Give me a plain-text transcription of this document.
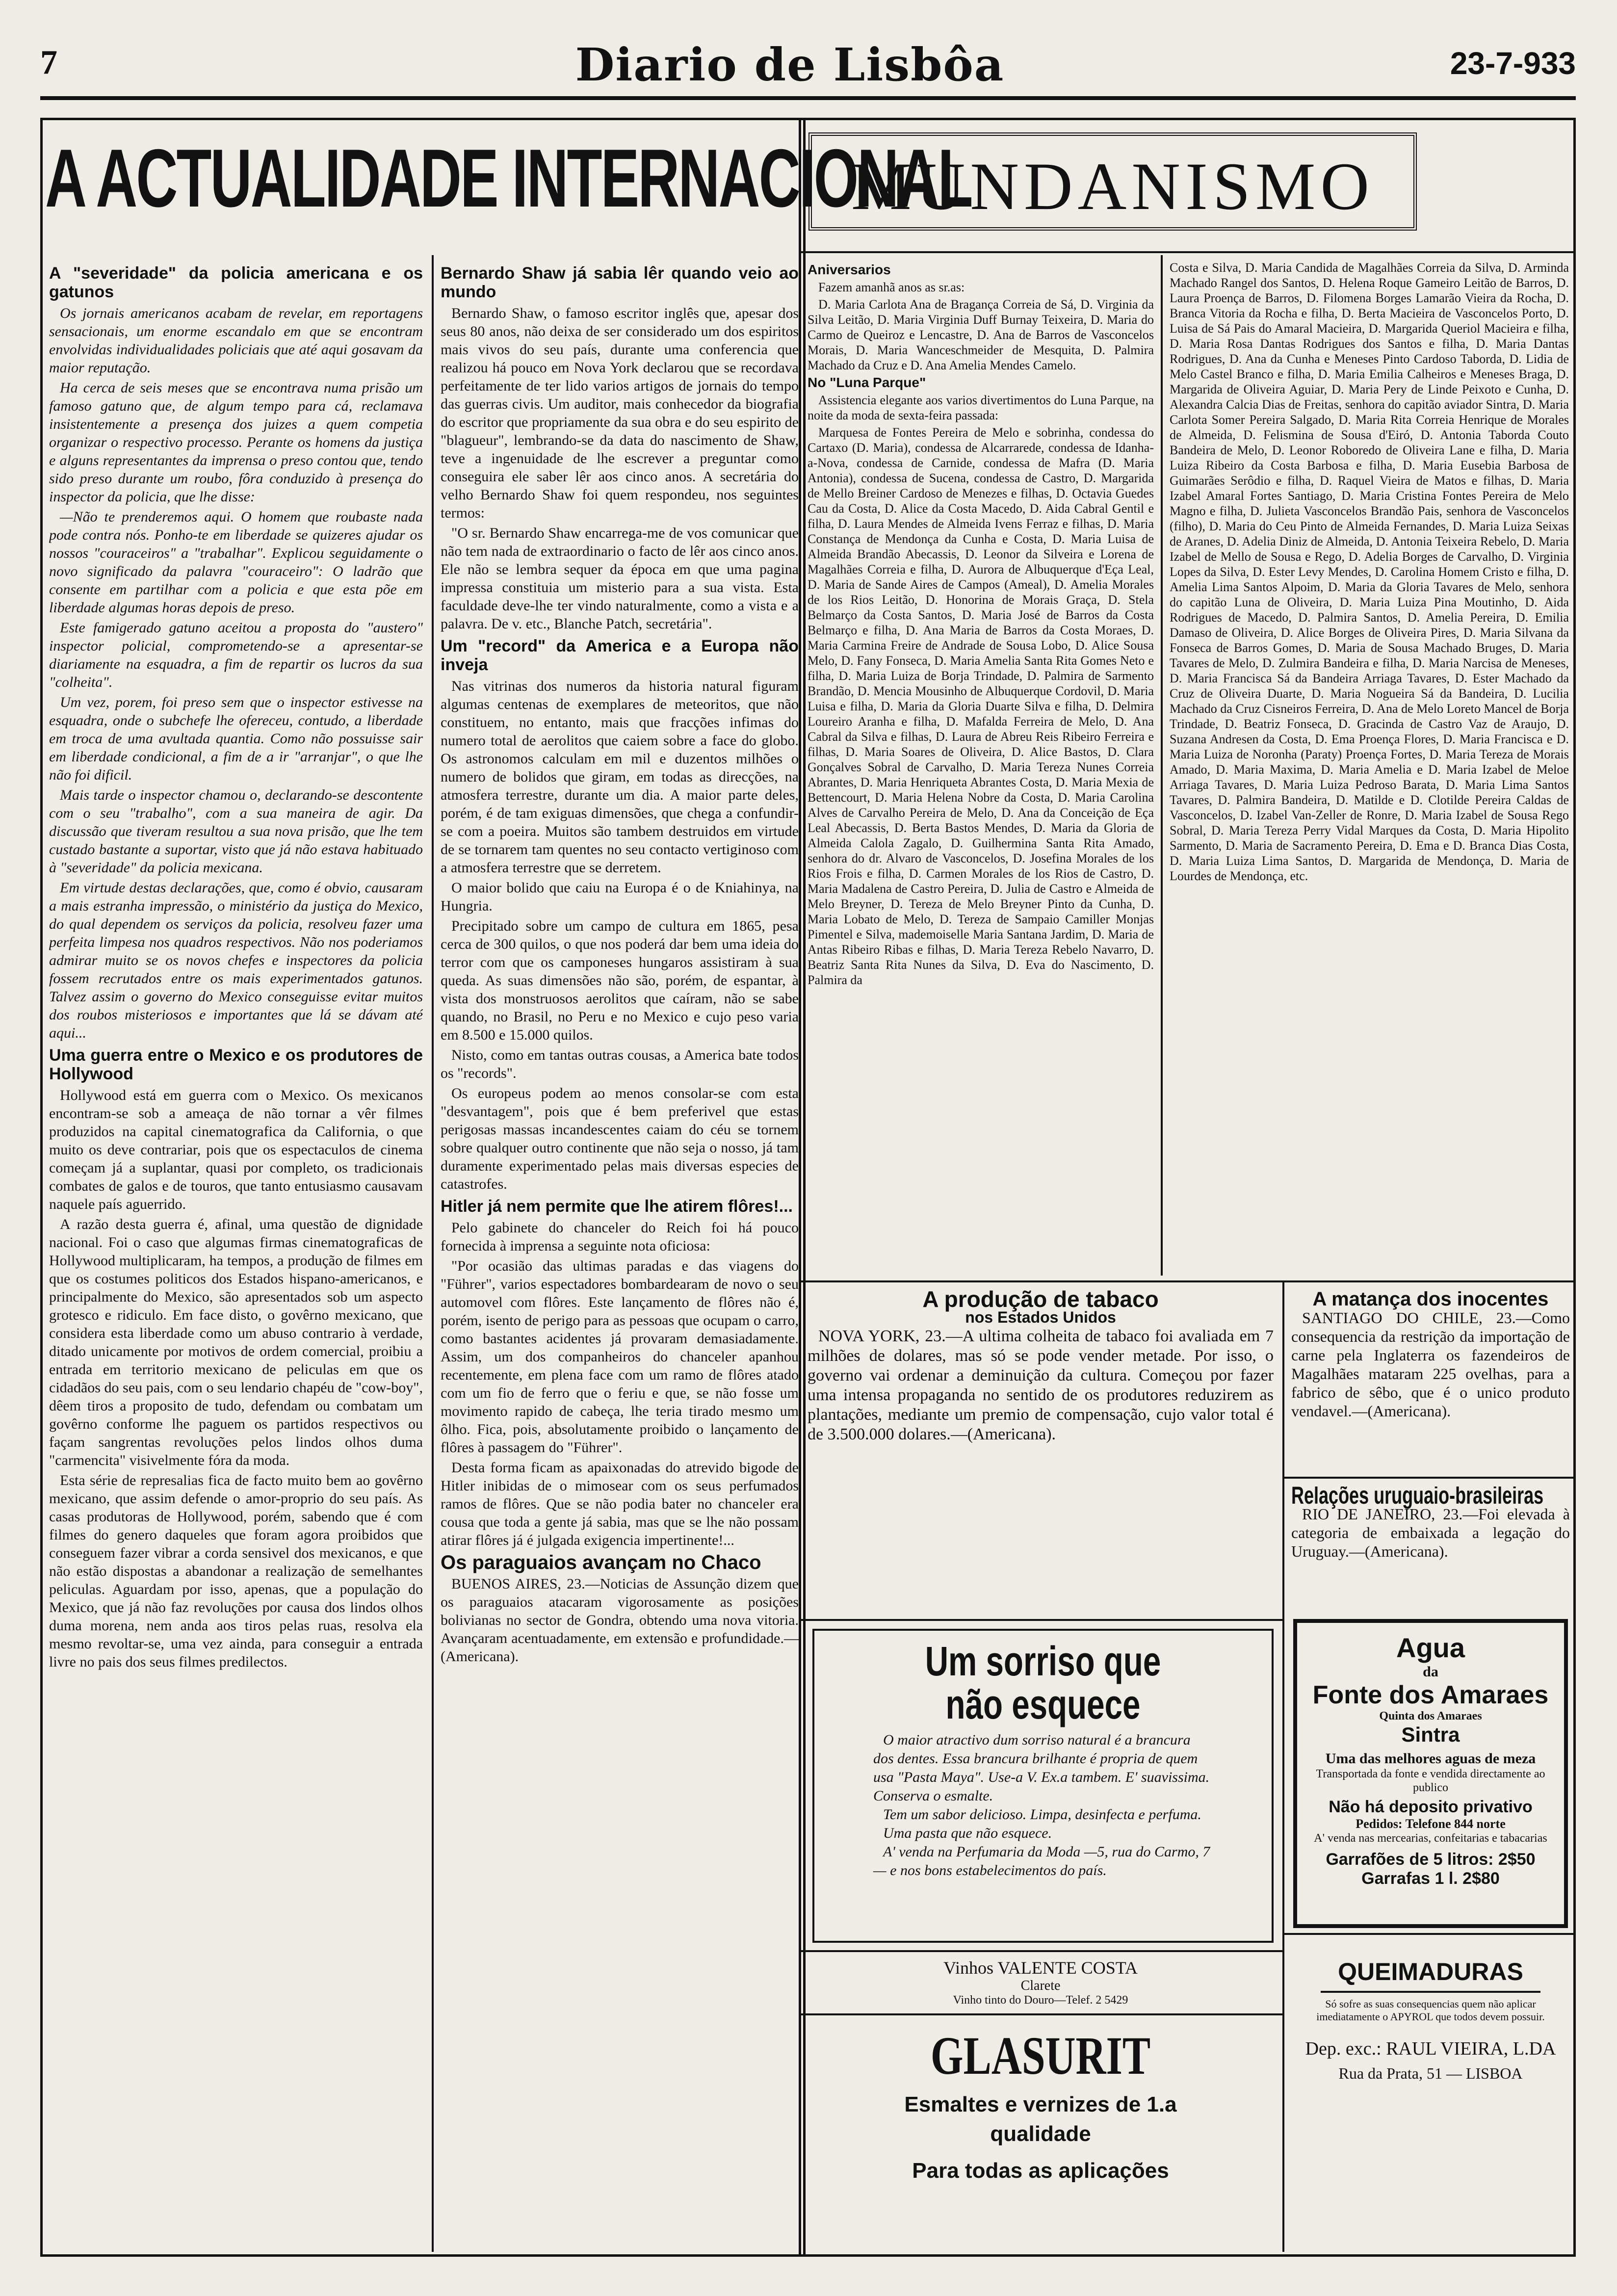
7	Diario de Lisbôa	23-7-933
A ACTUALIDADE INTERNACIONAL
MUNDANISMO
A "severidade" da policia americana e os gatunos

Os jornais americanos acabam de revelar, em reportagens sensacionais, um enorme escandalo em que se encontram envolvidas individualidades policiais que até aqui gosavam da maior reputação.

Ha cerca de seis meses que se encontrava numa prisão um famoso gatuno que, de algum tempo para cá, reclamava insistentemente a presença dos juizes a quem competia organizar o respectivo processo. Perante os homens da justiça e alguns representantes da imprensa o preso contou que, tendo sido preso durante um roubo, fôra conduzido à presença do inspector da policia, que lhe disse:

—Não te prenderemos aqui. O homem que roubaste nada pode contra nós. Ponho-te em liberdade se quizeres ajudar os nossos "couraceiros" a "trabalhar". Explicou seguidamente o novo significado da palavra "couraceiro": O ladrão que consente em partilhar com a policia e que esta põe em liberdade algumas horas depois de preso.

Este famigerado gatuno aceitou a proposta do "austero" inspector policial, comprometendo-se a apresentar-se diariamente na esquadra, a fim de repartir os lucros da sua "colheita".

Um vez, porem, foi preso sem que o inspector estivesse na esquadra, onde o subchefe lhe ofereceu, contudo, a liberdade em troca de uma avultada quantia. Como não possuisse sair em liberdade condicional, a fim de a ir "arranjar", o que lhe não foi dificil.

Mais tarde o inspector chamou o, declarando-se descontente com o seu "trabalho", com a sua maneira de agir. Da discussão que tiveram resultou a sua nova prisão, que lhe tem custado bastante a suportar, visto que já não estava habituado à "severidade" da policia mexicana.

Em virtude destas declarações, que, como é obvio, causaram a mais estranha impressão, o ministério da justiça do Mexico, do qual dependem os serviços da policia, resolveu fazer uma perfeita limpesa nos quadros respectivos. Não nos poderiamos admirar muito se os novos chefes e inspectores da policia fossem recrutados entre os mais experimentados gatunos. Talvez assim o governo do Mexico conseguisse evitar muitos dos roubos misteriosos e importantes que lá se dávam até aqui...

Uma guerra entre o Mexico e os produtores de Hollywood

Hollywood está em guerra com o Mexico. Os mexicanos encontram-se sob a ameaça de não tornar a vêr filmes produzidos na capital cinematografica da California, o que muito os deve contrariar, pois que os espectaculos de cinema começam já a suplantar, quasi por completo, os tradicionais combates de galos e de touros, que tanto entusiasmo causavam naquele país aguerrido.

A razão desta guerra é, afinal, uma questão de dignidade nacional. Foi o caso que algumas firmas cinematograficas de Hollywood multiplicaram, ha tempos, a produção de filmes em que os costumes politicos dos Estados hispano-americanos, e principalmente do Mexico, são apresentados sob um aspecto grotesco e ridiculo. Em face disto, o govêrno mexicano, que considera esta liberdade como um abuso contrario à verdade, ditado unicamente por motivos de ordem comercial, proibiu a entrada em territorio mexicano de peliculas em que os cidadãos do seu pais, com o seu lendario chapéu de "cow-boy", dêem tiros a proposito de tudo, defendam ou combatam um govêrno conforme lhe paguem os partidos respectivos ou façam sangrentas revoluções pelos lindos olhos duma "carmencita" visivelmente fóra da moda.

Esta série de represalias fica de facto muito bem ao govêrno mexicano, que assim defende o amor-proprio do seu país. As casas produtoras de Hollywood, porém, sabendo que é com filmes do genero daqueles que foram agora proibidos que conseguem fazer vibrar a corda sensivel dos mexicanos, e que não estão dispostas a abandonar a realização de semelhantes peliculas. Aguardam por isso, apenas, que a população do Mexico, que já não faz revoluções por causa dos lindos olhos duma morena, nem anda aos tiros pelas ruas, resolva ela mesmo revoltar-se, uma vez ainda, para conseguir a entrada livre no pais dos seus filmes predilectos.

Bernardo Shaw já sabia lêr quando veio ao mundo

Bernardo Shaw, o famoso escritor inglês que, apesar dos seus 80 anos, não deixa de ser considerado um dos espiritos mais vivos do seu país, durante uma conferencia que realizou há pouco em Nova York declarou que se recordava perfeitamente de ter lido varios artigos de jornais do tempo das guerras civis. Um auditor, mais conhecedor da biografia do escritor que propriamente da sua obra e do seu espirito de "blagueur", lembrando-se da data do nascimento de Shaw, teve a ingenuidade de lhe escrever a preguntar como conseguira ele saber lêr aos cinco anos. A secretária do velho Bernardo Shaw foi quem respondeu, nos seguintes termos:

"O sr. Bernardo Shaw encarrega-me de vos comunicar que não tem nada de extraordinario o facto de lêr aos cinco anos. Ele não se lembra sequer da época em que uma pagina impressa constituia um misterio para a sua vista. Esta faculdade deve-lhe ter vindo naturalmente, como a vista e a palavra. De v. etc., Blanche Patch, secretária".

Um "record" da America e a Europa não inveja

Nas vitrinas dos numeros da historia natural figuram algumas centenas de exemplares de meteoritos, que não constituem, no entanto, mais que fracções infimas do numero total de aerolitos que caiem sobre a face do globo. Os astronomos calculam em mil e duzentos milhões o numero de bolidos que giram, em todas as direcções, na atmosfera terrestre, durante um dia. A maior parte deles, porém, é de tam exiguas dimensões, que chega a confundir-se com a poeira. Muitos são tambem destruidos em virtude de se tornarem tam quentes no seu contacto vertiginoso com a atmosfera terrestre que se derretem.

O maior bolido que caiu na Europa é o de Kniahinya, na Hungria.

Precipitado sobre um campo de cultura em 1865, pesa cerca de 300 quilos, o que nos poderá dar bem uma ideia do terror com que os camponeses hungaros assistiram à sua queda. As suas dimensões não são, porém, de espantar, à vista dos monstruosos aerolitos que caíram, não se sabe quando, no Brasil, no Peru e no Mexico e cujo peso varia em 8.500 e 15.000 quilos.

Nisto, como em tantas outras cousas, a America bate todos os "records".

Os europeus podem ao menos consolar-se com esta "desvantagem", pois que é bem preferivel que estas perigosas massas incandescentes caiam do céu se tornem sobre qualquer outro continente que não seja o nosso, já tam duramente experimentado pelas mais diversas especies de catastrofes.

Hitler já nem permite que lhe atirem flôres!...

Pelo gabinete do chanceler do Reich foi há pouco fornecida à imprensa a seguinte nota oficiosa:

"Por ocasião das ultimas paradas e das viagens do "Führer", varios espectadores bombardearam de novo o seu automovel com flôres. Este lançamento de flôres não é, porém, isento de perigo para as pessoas que ocupam o carro, como bastantes acidentes já provaram demasiadamente. Assim, um dos companheiros do chanceler apanhou recentemente, em plena face com um ramo de flôres atado com um fio de ferro que o feriu e que, se não fosse um movimento rapido de cabeça, lhe teria tirado mesmo um ôlho. Fica, pois, absolutamente proibido o lançamento de flôres à passagem do "Führer".

Desta forma ficam as apaixonadas do atrevido bigode de Hitler inibidas de o mimosear com os seus perfumados ramos de flôres. Que se não podia bater no chanceler era cousa que toda a gente já sabia, mas que se lhe não possam atirar flôres já é julgada exigencia impertinente!...

Os paraguaios avançam no Chaco

BUENOS AIRES, 23.—Noticias de Assunção dizem que os paraguaios atacaram vigorosamente as posições bolivianas no sector de Gondra, obtendo uma nova vitoria. Avançaram acentuadamente, em extensão e profundidade.—(Americana).

Aniversarios

Fazem amanhã anos as sr.as:

D. Maria Carlota Ana de Bragança Correia de Sá, D. Virginia da Silva Leitão, D. Maria Virginia Duff Burnay Teixeira, D. Maria do Carmo de Queiroz e Lencastre, D. Ana de Barros de Vasconcelos Morais, D. Maria Wanceschmeider de Mesquita, D. Palmira Machado da Cruz e D. Ana Amelia Mendes Camelo.

No "Luna Parque"

Assistencia elegante aos varios divertimentos do Luna Parque, na noite da moda de sexta-feira passada:

Marquesa de Fontes Pereira de Melo e sobrinha, condessa do Cartaxo (D. Maria), condessa de Alcarrarede, condessa de Idanha-a-Nova, condessa de Carnide, condessa de Mafra (D. Maria Antonia), condessa de Sucena, condessa de Castro, D. Margarida de Mello Breiner Cardoso de Menezes e filhas, D. Octavia Guedes Cau da Costa, D. Alice da Costa Macedo, D. Aida Cabral Gentil e filha, D. Laura Mendes de Almeida Ivens Ferraz e filhas, D. Maria Constança de Mendonça da Cunha e Costa, D. Maria Luisa de Almeida Brandão Abecassis, D. Leonor da Silveira e Lorena de Magalhães Correia e filha, D. Aurora de Albuquerque d'Eça Leal, D. Maria de Sande Aires de Campos (Ameal), D. Amelia Morales de los Rios Leitão, D. Honorina de Morais Graça, D. Stela Belmarço da Costa Santos, D. Maria José de Barros da Costa Belmarço e filha, D. Ana Maria de Barros da Costa Moraes, D. Maria Carmina Freire de Andrade de Sousa Lobo, D. Alice Sousa Melo, D. Fany Fonseca, D. Maria Amelia Santa Rita Gomes Neto e filha, D. Maria Luiza de Borja Trindade, D. Palmira de Sarmento Brandão, D. Mencia Mousinho de Albuquerque Cordovil, D. Maria Luisa e filha, D. Maria da Gloria Duarte Silva e filha, D. Delmira Loureiro Aranha e filha, D. Mafalda Ferreira de Melo, D. Ana Cabral da Silva e filhas, D. Laura de Abreu Reis Ribeiro Ferreira e filhas, D. Maria Soares de Oliveira, D. Alice Bastos, D. Clara Gonçalves Sobral de Carvalho, D. Maria Tereza Nunes Correia Abrantes, D. Maria Henriqueta Abrantes Costa, D. Maria Mexia de Bettencourt, D. Maria Helena Nobre da Costa, D. Maria Carolina Alves de Carvalho Pereira de Melo, D. Ana da Conceição de Eça Leal Abecassis, D. Berta Bastos Mendes, D. Maria da Gloria de Almeida Calola Zagalo, D. Guilhermina Santa Rita Amado, senhora do dr. Alvaro de Vasconcelos, D. Josefina Morales de los Rios Frois e filha, D. Carmen Morales de los Rios de Castro, D. Maria Madalena de Castro Pereira, D. Julia de Castro e Almeida de Melo Breyner, D. Tereza de Melo Breyner Pinto da Cunha, D. Maria Lobato de Melo, D. Tereza de Sampaio Camiller Monjas Pimentel e Silva, mademoiselle Maria Santana Jardim, D. Maria de Antas Ribeiro Ribas e filhas, D. Maria Tereza Rebelo Navarro, D. Beatriz Santa Rita Nunes da Silva, D. Eva do Nascimento, D. Palmira da

Costa e Silva, D. Maria Candida de Magalhães Correia da Silva, D. Arminda Machado Rangel dos Santos, D. Helena Roque Gameiro Leitão de Barros, D. Laura Proença de Barros, D. Filomena Borges Lamarão Vieira da Rocha, D. Branca Vitoria da Rocha e filha, D. Berta Macieira de Vasconcelos Porto, D. Luisa de Sá Pais do Amaral Macieira, D. Margarida Queriol Macieira e filha, D. Maria Rosa Dantas Rodrigues dos Santos e filha, D. Maria Dantas Rodrigues, D. Ana da Cunha e Meneses Pinto Cardoso Taborda, D. Lidia de Melo Castel Branco e filha, D. Maria Emilia Calheiros e Meneses Braga, D. Margarida de Oliveira Aguiar, D. Maria Pery de Linde Peixoto e Cunha, D. Alexandra Calcia Dias de Freitas, senhora do capitão aviador Sintra, D. Maria Carlota Somer Pereira Salgado, D. Maria Rita Correia Henrique de Morales de Almeida, D. Felismina de Sousa d'Eiró, D. Antonia Taborda Couto Bandeira de Melo, D. Leonor Roboredo de Oliveira Lane e filha, D. Maria Luiza Ribeiro da Costa Barbosa e filha, D. Maria Eusebia Barbosa de Guimarães Serôdio e filha, D. Raquel Vieira de Matos e filhas, D. Maria Izabel Amaral Fortes Santiago, D. Maria Cristina Fontes Pereira de Melo Magno e filha, D. Julieta Vasconcelos Brandão Pais, senhora de Vasconcelos (filho), D. Maria do Ceu Pinto de Almeida Fernandes, D. Maria Luiza Seixas de Aranes, D. Adelia Diniz de Almeida, D. Antonia Teixeira Rebelo, D. Maria Izabel de Mello de Sousa e Rego, D. Adelia Borges de Carvalho, D. Virginia Lopes da Silva, D. Ester Levy Mendes, D. Carolina Homem Cristo e filha, D. Amelia Lima Santos Alpoim, D. Maria da Gloria Tavares de Melo, senhora do capitão Luna de Oliveira, D. Maria Luiza Pina Moutinho, D. Aida Rodrigues de Macedo, D. Palmira Santos, D. Amelia Pereira, D. Emilia Damaso de Oliveira, D. Alice Borges de Oliveira Pires, D. Maria Silvana da Fonseca de Barros Gomes, D. Maria de Sousa Machado Bruges, D. Maria Tavares de Melo, D. Zulmira Bandeira e filha, D. Maria Narcisa de Meneses, D. Maria Francisca Sá da Bandeira Arriaga Tavares, D. Ester Machado da Cruz de Oliveira Duarte, D. Maria Nogueira Sá da Bandeira, D. Lucilia Machado da Cruz Cisneiros Ferreira, D. Ana de Melo Loreto Mancel de Borja Trindade, D. Beatriz Fonseca, D. Gracinda de Castro Vaz de Araujo, D. Suzana Andresen da Costa, D. Ema Proença Flores, D. Maria Francisca e D. Maria Luiza de Noronha (Paraty) Proença Fortes, D. Maria Tereza de Morais Amado, D. Maria Maxima, D. Maria Amelia e D. Maria Izabel de Meloe Arriaga Tavares, D. Maria Luiza Pedroso Barata, D. Maria Lima Santos Tavares, D. Palmira Bandeira, D. Matilde e D. Clotilde Pereira Caldas de Vasconcelos, D. Izabel Van-Zeller de Ronre, D. Maria Izabel de Sousa Rego Sobral, D. Maria Tereza Perry Vidal Marques da Costa, D. Maria Hipolito Sarmento, D. Maria de Sacramento Pereira, D. Ema e D. Branca Dias Costa, D. Maria Luiza Lima Santos, D. Margarida de Mendonça, D. Maria de Lourdes de Mendonça, etc.

A produção de tabaco
nos Estados Unidos

NOVA YORK, 23.—A ultima colheita de tabaco foi avaliada em 7 milhões de dolares, mas só se pode vender metade. Por isso, o governo vai ordenar a deminuição da cultura. Começou por fazer uma intensa propaganda no sentido de os produtores reduzirem as plantações, mediante um premio de compensação, cujo valor total é de 3.500.000 dolares.—(Americana).

A matança dos inocentes

SANTIAGO DO CHILE, 23.—Como consequencia da restrição da importação de carne pela Inglaterra os fazendeiros de Magalhães mataram 225 ovelhas, para a fabrico de sêbo, que é o unico produto vendavel.—(Americana).

Relações uruguaio-brasileiras

RIO DE JANEIRO, 23.—Foi elevada à categoria de embaixada a legação do Uruguay.—(Americana).

Um sorriso que não esquece

O maior atractivo dum sorriso natural é a brancura dos dentes. Essa brancura brilhante é propria de quem usa "Pasta Maya". Use-a V. Ex.a tambem. E' suavissima. Conserva o esmalte.

Tem um sabor delicioso. Limpa, desinfecta e perfuma.

Uma pasta que não esquece.

A' venda na Perfumaria da Moda —5, rua do Carmo, 7— e nos bons estabelecimentos do país.

Agua
da
Fonte dos Amaraes
Quinta dos Amaraes
Sintra
Uma das melhores aguas de meza
Transportada da fonte e vendida directamente ao publico
Não há deposito privativo
Pedidos: Telefone 844 norte
A' venda nas mercearias, confeitarias e tabacarias
Garrafões de 5 litros: 2$50
Garrafas 1 l. 2$80
Vinhos VALENTE COSTA
Clarete
Vinho tinto do Douro—Telef. 2 5429
GLASURIT
Esmaltes e vernizes de 1.a qualidade
Para todas as aplicações
QUEIMADURAS
Só sofre as suas consequencias quem não aplicar imediatamente o APYROL que todos devem possuir.
Dep. exc.: RAUL VIEIRA, L.DA
Rua da Prata, 51 — LISBOA
